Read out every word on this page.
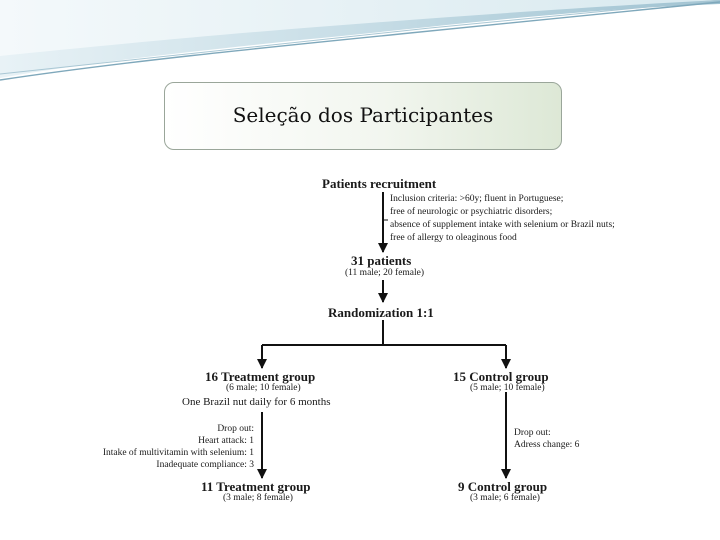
Seleção dos Participantes
Patients recruitment
Inclusion criteria: >60y; fluent in Portuguese;
free of neurologic or psychiatric disorders;
absence of supplement intake with selenium or Brazil nuts;
free of allergy to oleaginous food
31 patients
(11 male; 20 female)
Randomization 1:1
16 Treatment group
(6 male; 10 female)
One Brazil nut daily for 6 months
15 Control group
(5 male; 10 female)
Drop out:
Heart attack: 1
Intake of multivitamin with selenium: 1
Inadequate compliance: 3
Drop out:
Adress change: 6
11 Treatment group
(3 male; 8 female)
9 Control group
(3 male; 6 female)
